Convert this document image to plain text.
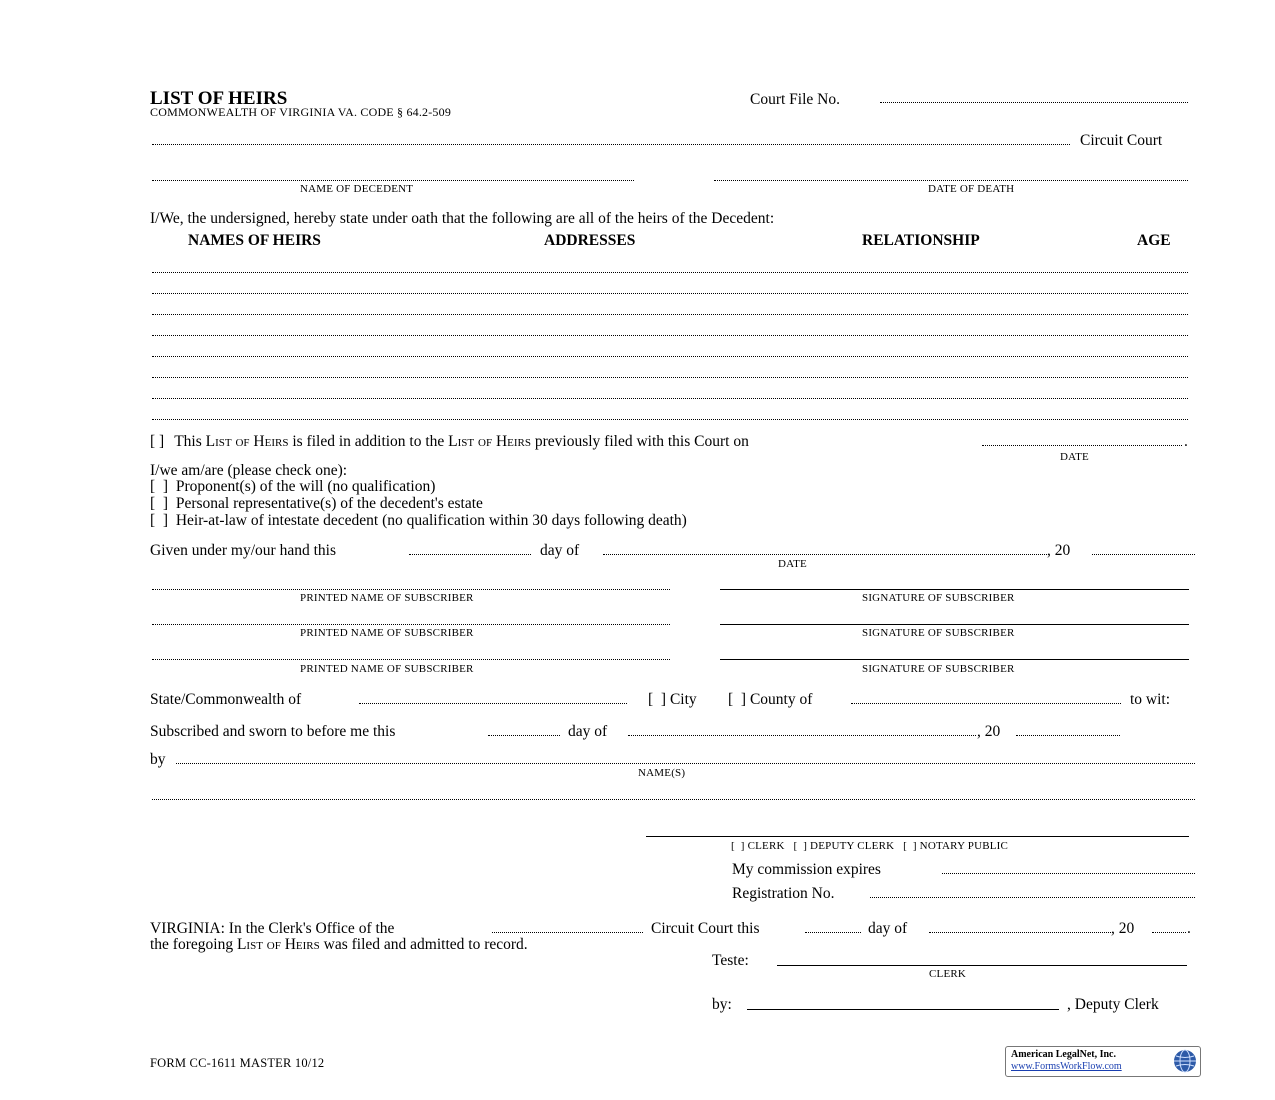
LIST OF HEIRS
COMMONWEALTH OF VIRGINIA VA. CODE § 64.2-509
Court File No.
Circuit Court
NAME OF DECEDENT	DATE OF DEATH
I/We, the undersigned, hereby state under oath that the following are all of the heirs of the Decedent:
NAMES OF HEIRS	ADDRESSES	RELATIONSHIP	AGE
[ ] This List of Heirs is filed in addition to the List of Heirs previously filed with this Court on	.
DATE
I/we am/are (please check one):
[  ]  Proponent(s) of the will (no qualification)
[  ]  Personal representative(s) of the decedent's estate
[  ]  Heir-at-law of intestate decedent (no qualification within 30 days following death)
Given under my/our hand this	day of	, 20
DATE
PRINTED NAME OF SUBSCRIBER	SIGNATURE OF SUBSCRIBER
PRINTED NAME OF SUBSCRIBER	SIGNATURE OF SUBSCRIBER
PRINTED NAME OF SUBSCRIBER	SIGNATURE OF SUBSCRIBER
State/Commonwealth of	[  ] City [  ] County of	to wit:
Subscribed and sworn to before me this	day of	, 20
by
NAME(S)
[  ] CLERK   [  ] DEPUTY CLERK   [  ] NOTARY PUBLIC
My commission expires
Registration No.
VIRGINIA: In the Clerk's Office of the	Circuit Court this	day of	, 20	.
the foregoing List of Heirs was filed and admitted to record.
Teste:
CLERK
by:	, Deputy Clerk
FORM CC-1611 MASTER 10/12
American LegalNet, Inc.
www.FormsWorkFlow.com
